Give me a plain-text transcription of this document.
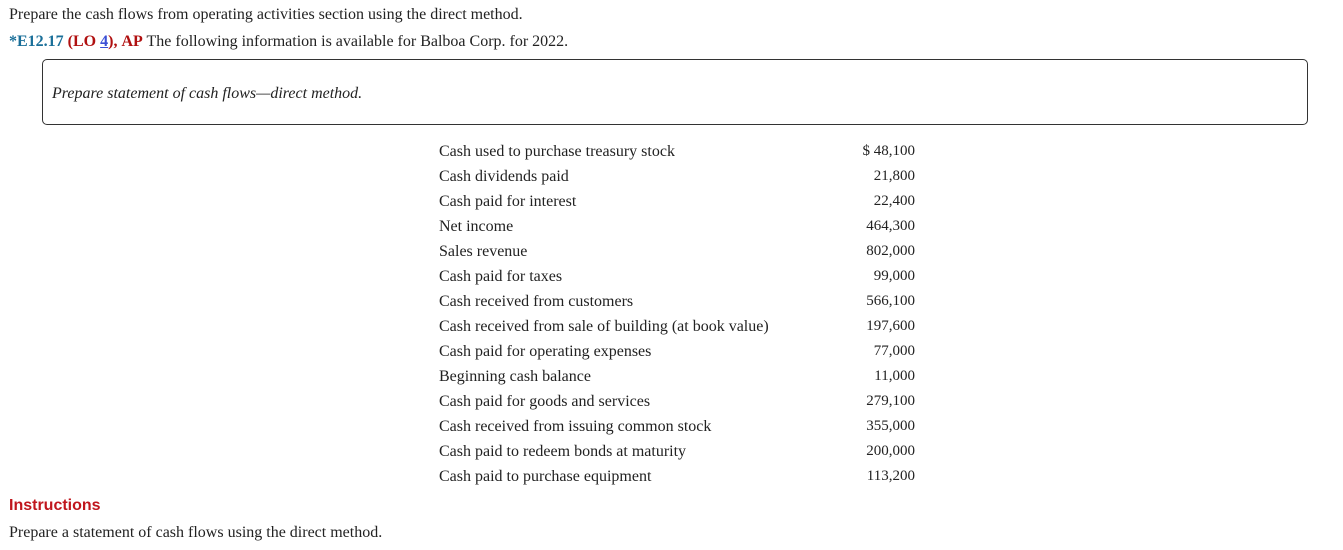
Prepare the cash flows from operating activities section using the direct method.
*E12.17 (LO 4), AP The following information is available for Balboa Corp. for 2022.
Prepare statement of cash flows—direct method.
Cash used to purchase treasury stock	$ 48,100
Cash dividends paid	21,800
Cash paid for interest	22,400
Net income	464,300
Sales revenue	802,000
Cash paid for taxes	99,000
Cash received from customers	566,100
Cash received from sale of building (at book value)	197,600
Cash paid for operating expenses	77,000
Beginning cash balance	11,000
Cash paid for goods and services	279,100
Cash received from issuing common stock	355,000
Cash paid to redeem bonds at maturity	200,000
Cash paid to purchase equipment	113,200
Instructions
Prepare a statement of cash flows using the direct method.
